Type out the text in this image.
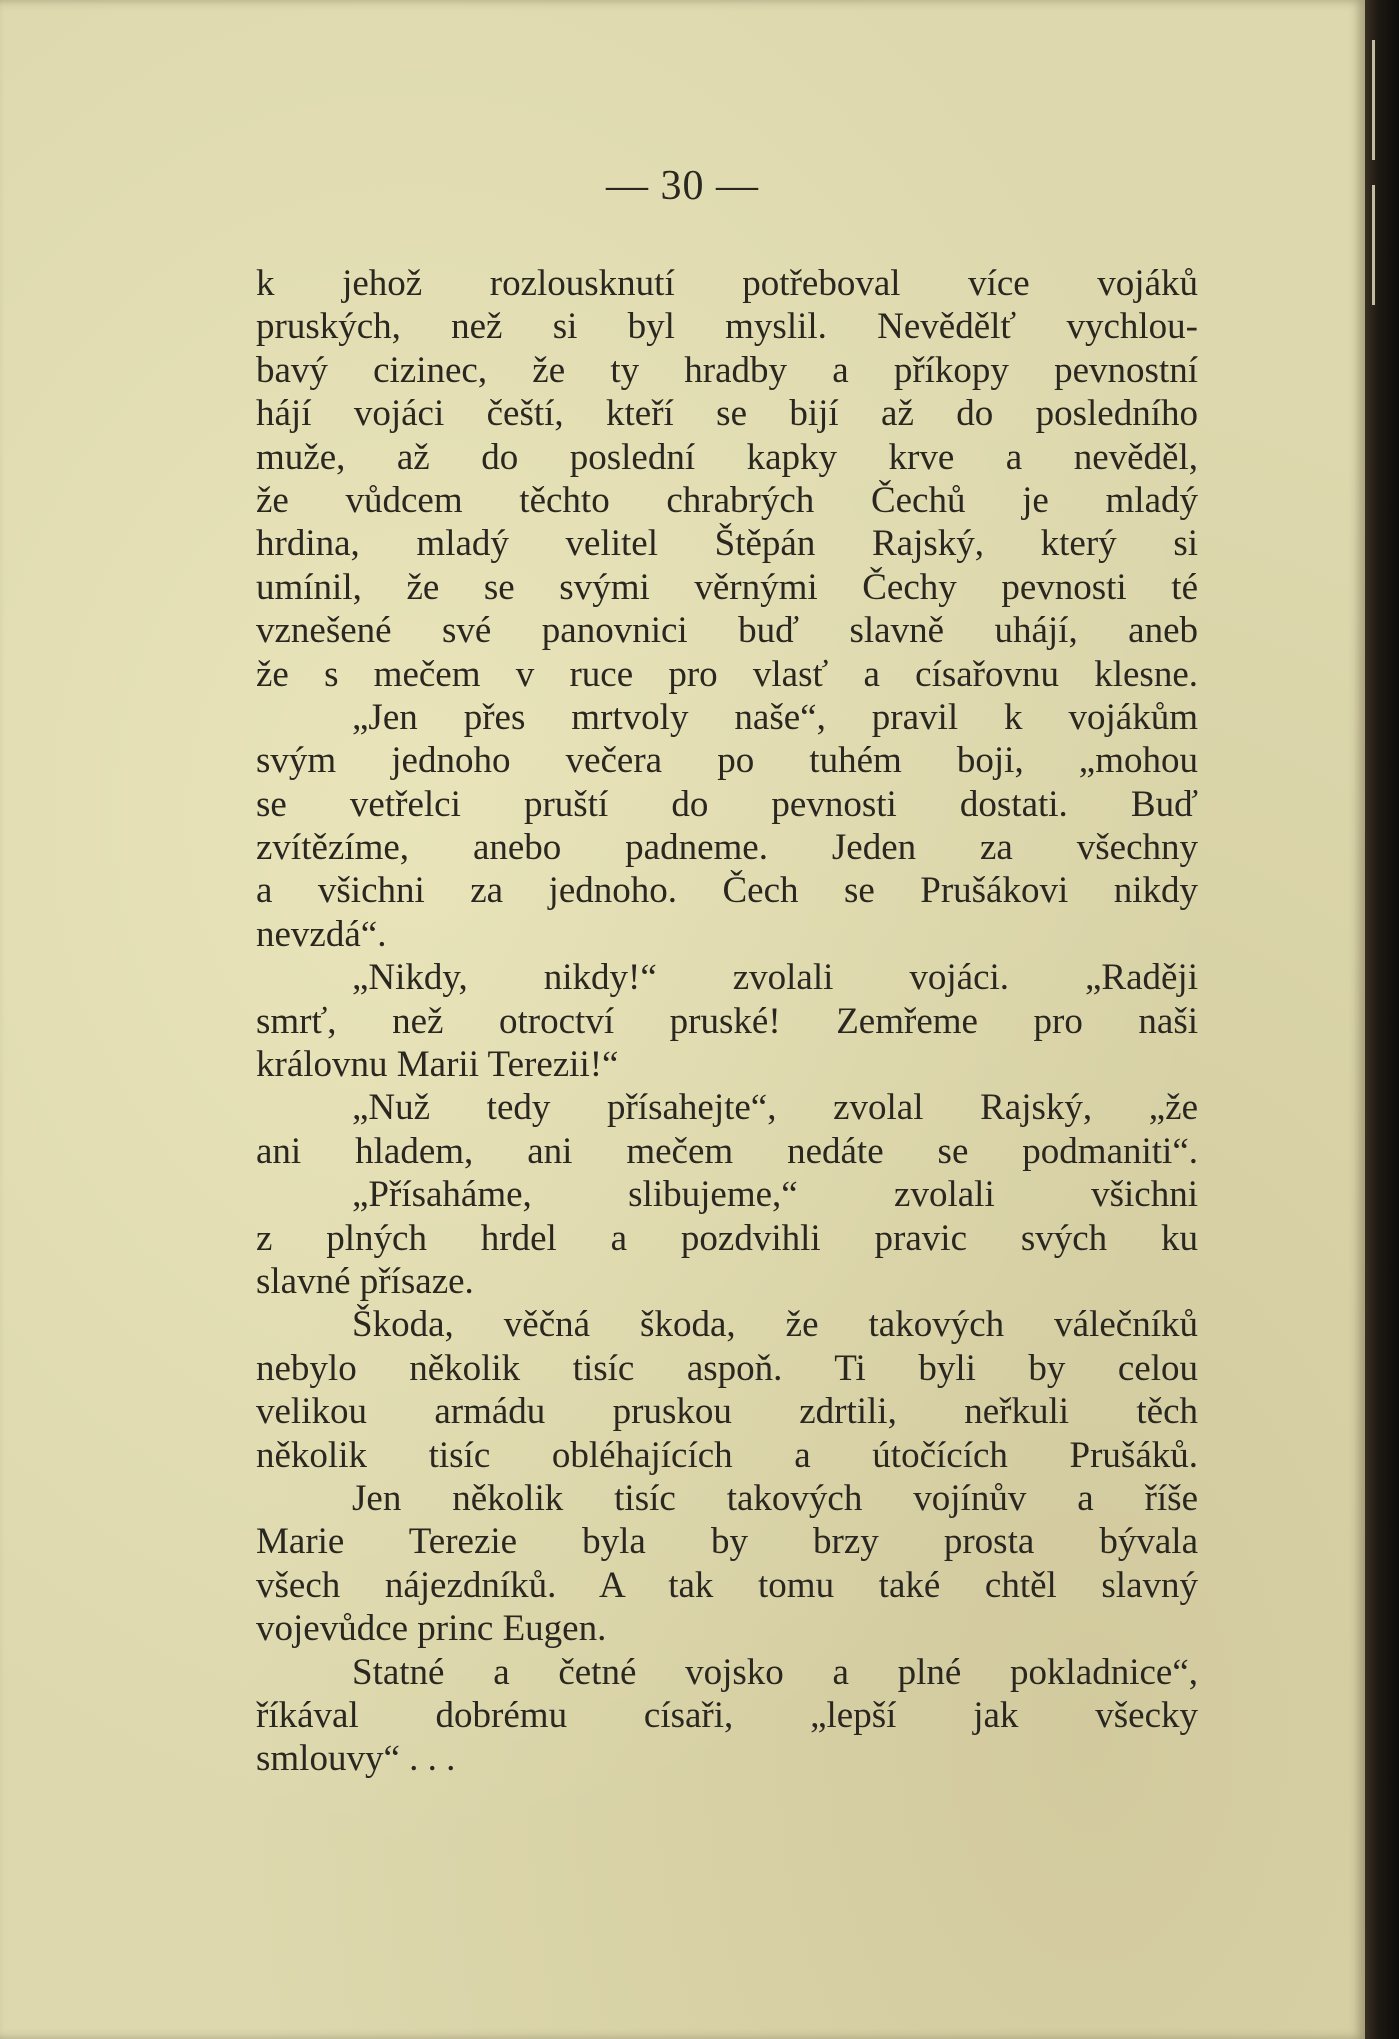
— 30 —
k jehož rozlousknutí potřeboval více vojáků
pruských, než si byl myslil. Nevědělť vychlou-
bavý cizinec, že ty hradby a příkopy pevnostní
hájí vojáci čeští, kteří se bijí až do posledního
muže, až do poslední kapky krve a nevěděl,
že vůdcem těchto chrabrých Čechů je mladý
hrdina, mladý velitel Štěpán Rajský, který si
umínil, že se svými věrnými Čechy pevnosti té
vznešené své panovnici buď slavně uhájí, aneb
že s mečem v ruce pro vlasť a císařovnu klesne.
„Jen přes mrtvoly naše“, pravil k vojákům
svým jednoho večera po tuhém boji, „mohou
se vetřelci pruští do pevnosti dostati. Buď
zvítězíme, anebo padneme. Jeden za všechny
a všichni za jednoho. Čech se Prušákovi nikdy
nevzdá“.
„Nikdy, nikdy!“ zvolali vojáci. „Raději
smrť, než otroctví pruské! Zemřeme pro naši
královnu Marii Terezii!“
„Nuž tedy přísahejte“, zvolal Rajský, „že
ani hladem, ani mečem nedáte se podmaniti“.
„Přísaháme, slibujeme,“ zvolali všichni
z plných hrdel a pozdvihli pravic svých ku
slavné přísaze.
Škoda, věčná škoda, že takových válečníků
nebylo několik tisíc aspoň. Ti byli by celou
velikou armádu pruskou zdrtili, neřkuli těch
několik tisíc obléhajících a útočících Prušáků.
Jen několik tisíc takových vojínův a říše
Marie Terezie byla by brzy prosta bývala
všech nájezdníků. A tak tomu také chtěl slavný
vojevůdce princ Eugen.
Statné a četné vojsko a plné pokladnice“,
říkával dobrému císaři, „lepší jak všecky
smlouvy“ . . .
